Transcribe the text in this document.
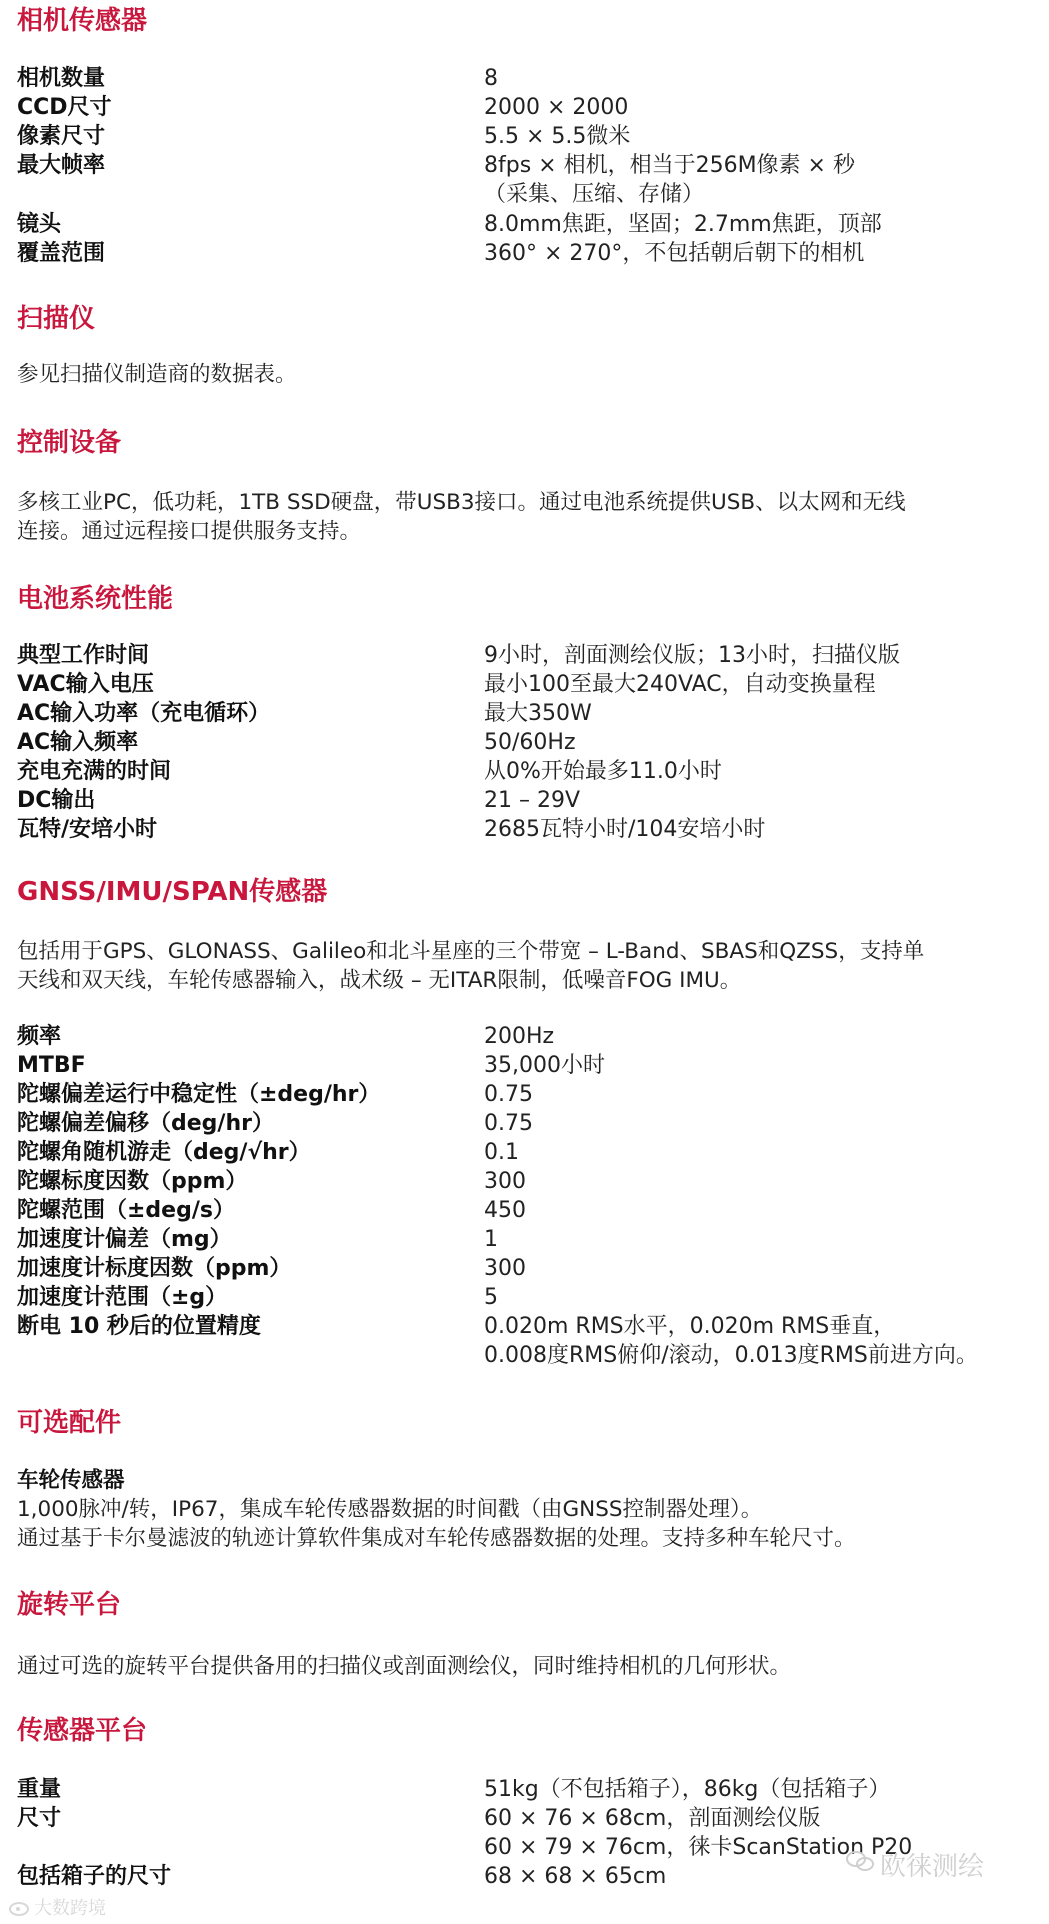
相机传感器
相机数量	8
CCD尺寸	2000 × 2000
像素尺寸	5.5 × 5.5微米
最大帧率	8fps × 相机，相当于256M像素 × 秒
（采集、压缩、存储）
镜头	8.0mm焦距，坚固；2.7mm焦距，顶部
覆盖范围	360° × 270°，不包括朝后朝下的相机
扫描仪
参见扫描仪制造商的数据表。
控制设备
多核工业PC，低功耗，1TB SSD硬盘，带USB3接口。通过电池系统提供USB、以太网和无线
连接。通过远程接口提供服务支持。
电池系统性能
典型工作时间	9小时，剖面测绘仪版；13小时，扫描仪版
VAC输入电压	最小100至最大240VAC，自动变换量程
AC输入功率（充电循环）	最大350W
AC输入频率	50/60Hz
充电充满的时间	从0%开始最多11.0小时
DC输出	21 – 29V
瓦特/安培小时	2685瓦特小时/104安培小时
GNSS/IMU/SPAN传感器
包括用于GPS、GLONASS、Galileo和北斗星座的三个带宽 – L-Band、SBAS和QZSS，支持单
天线和双天线，车轮传感器输入，战术级 – 无ITAR限制，低噪音FOG IMU。
频率	200Hz
MTBF	35,000小时
陀螺偏差运行中稳定性（±deg/hr）	0.75
陀螺偏差偏移（deg/hr）	0.75
陀螺角随机游走（deg/√hr）	0.1
陀螺标度因数（ppm）	300
陀螺范围（±deg/s）	450
加速度计偏差（mg）	1
加速度计标度因数（ppm）	300
加速度计范围（±g）	5
断电 10 秒后的位置精度	0.020m RMS水平，0.020m RMS垂直，
0.008度RMS俯仰/滚动，0.013度RMS前进方向。
可选配件
车轮传感器
1,000脉冲/转，IP67，集成车轮传感器数据的时间戳（由GNSS控制器处理）。
通过基于卡尔曼滤波的轨迹计算软件集成对车轮传感器数据的处理。支持多种车轮尺寸。
旋转平台
通过可选的旋转平台提供备用的扫描仪或剖面测绘仪，同时维持相机的几何形状。
传感器平台
重量	51kg（不包括箱子），86kg（包括箱子）
尺寸	60 × 76 × 68cm，剖面测绘仪版
60 × 79 × 76cm，徕卡ScanStation P20
包括箱子的尺寸	68 × 68 × 65cm	欧徕测绘
大数跨境
